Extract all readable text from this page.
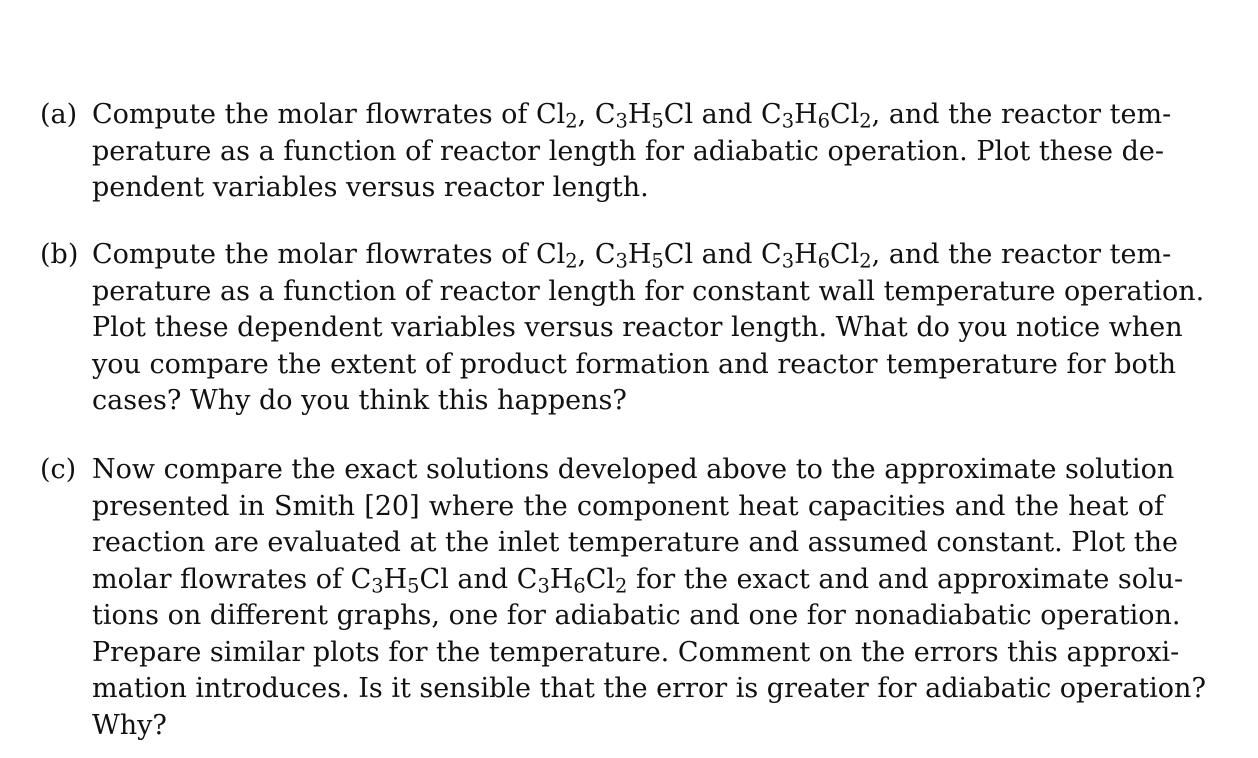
(a) Compute the molar flowrates of $Cl_2$, $C_3H_5Cl$ and $C_3H_6Cl_2$, and the reactor tem-
perature as a function of reactor length for adiabatic operation. Plot these de-
pendent variables versus reactor length.
(b) Compute the molar flowrates of $Cl_2$, $C_3H_5Cl$ and $C_3H_6Cl_2$, and the reactor tem-
perature as a function of reactor length for constant wall temperature operation.
Plot these dependent variables versus reactor length. What do you notice when
you compare the extent of product formation and reactor temperature for both
cases? Why do you think this happens?
(c) Now compare the exact solutions developed above to the approximate solution
presented in Smith [20] where the component heat capacities and the heat of
reaction are evaluated at the inlet temperature and assumed constant. Plot the
molar flowrates of $C_3H_5Cl$ and $C_3H_6Cl_2$ for the exact and and approximate solu-
tions on different graphs, one for adiabatic and one for nonadiabatic operation.
Prepare similar plots for the temperature. Comment on the errors this approxi-
mation introduces. Is it sensible that the error is greater for adiabatic operation?
Why?
